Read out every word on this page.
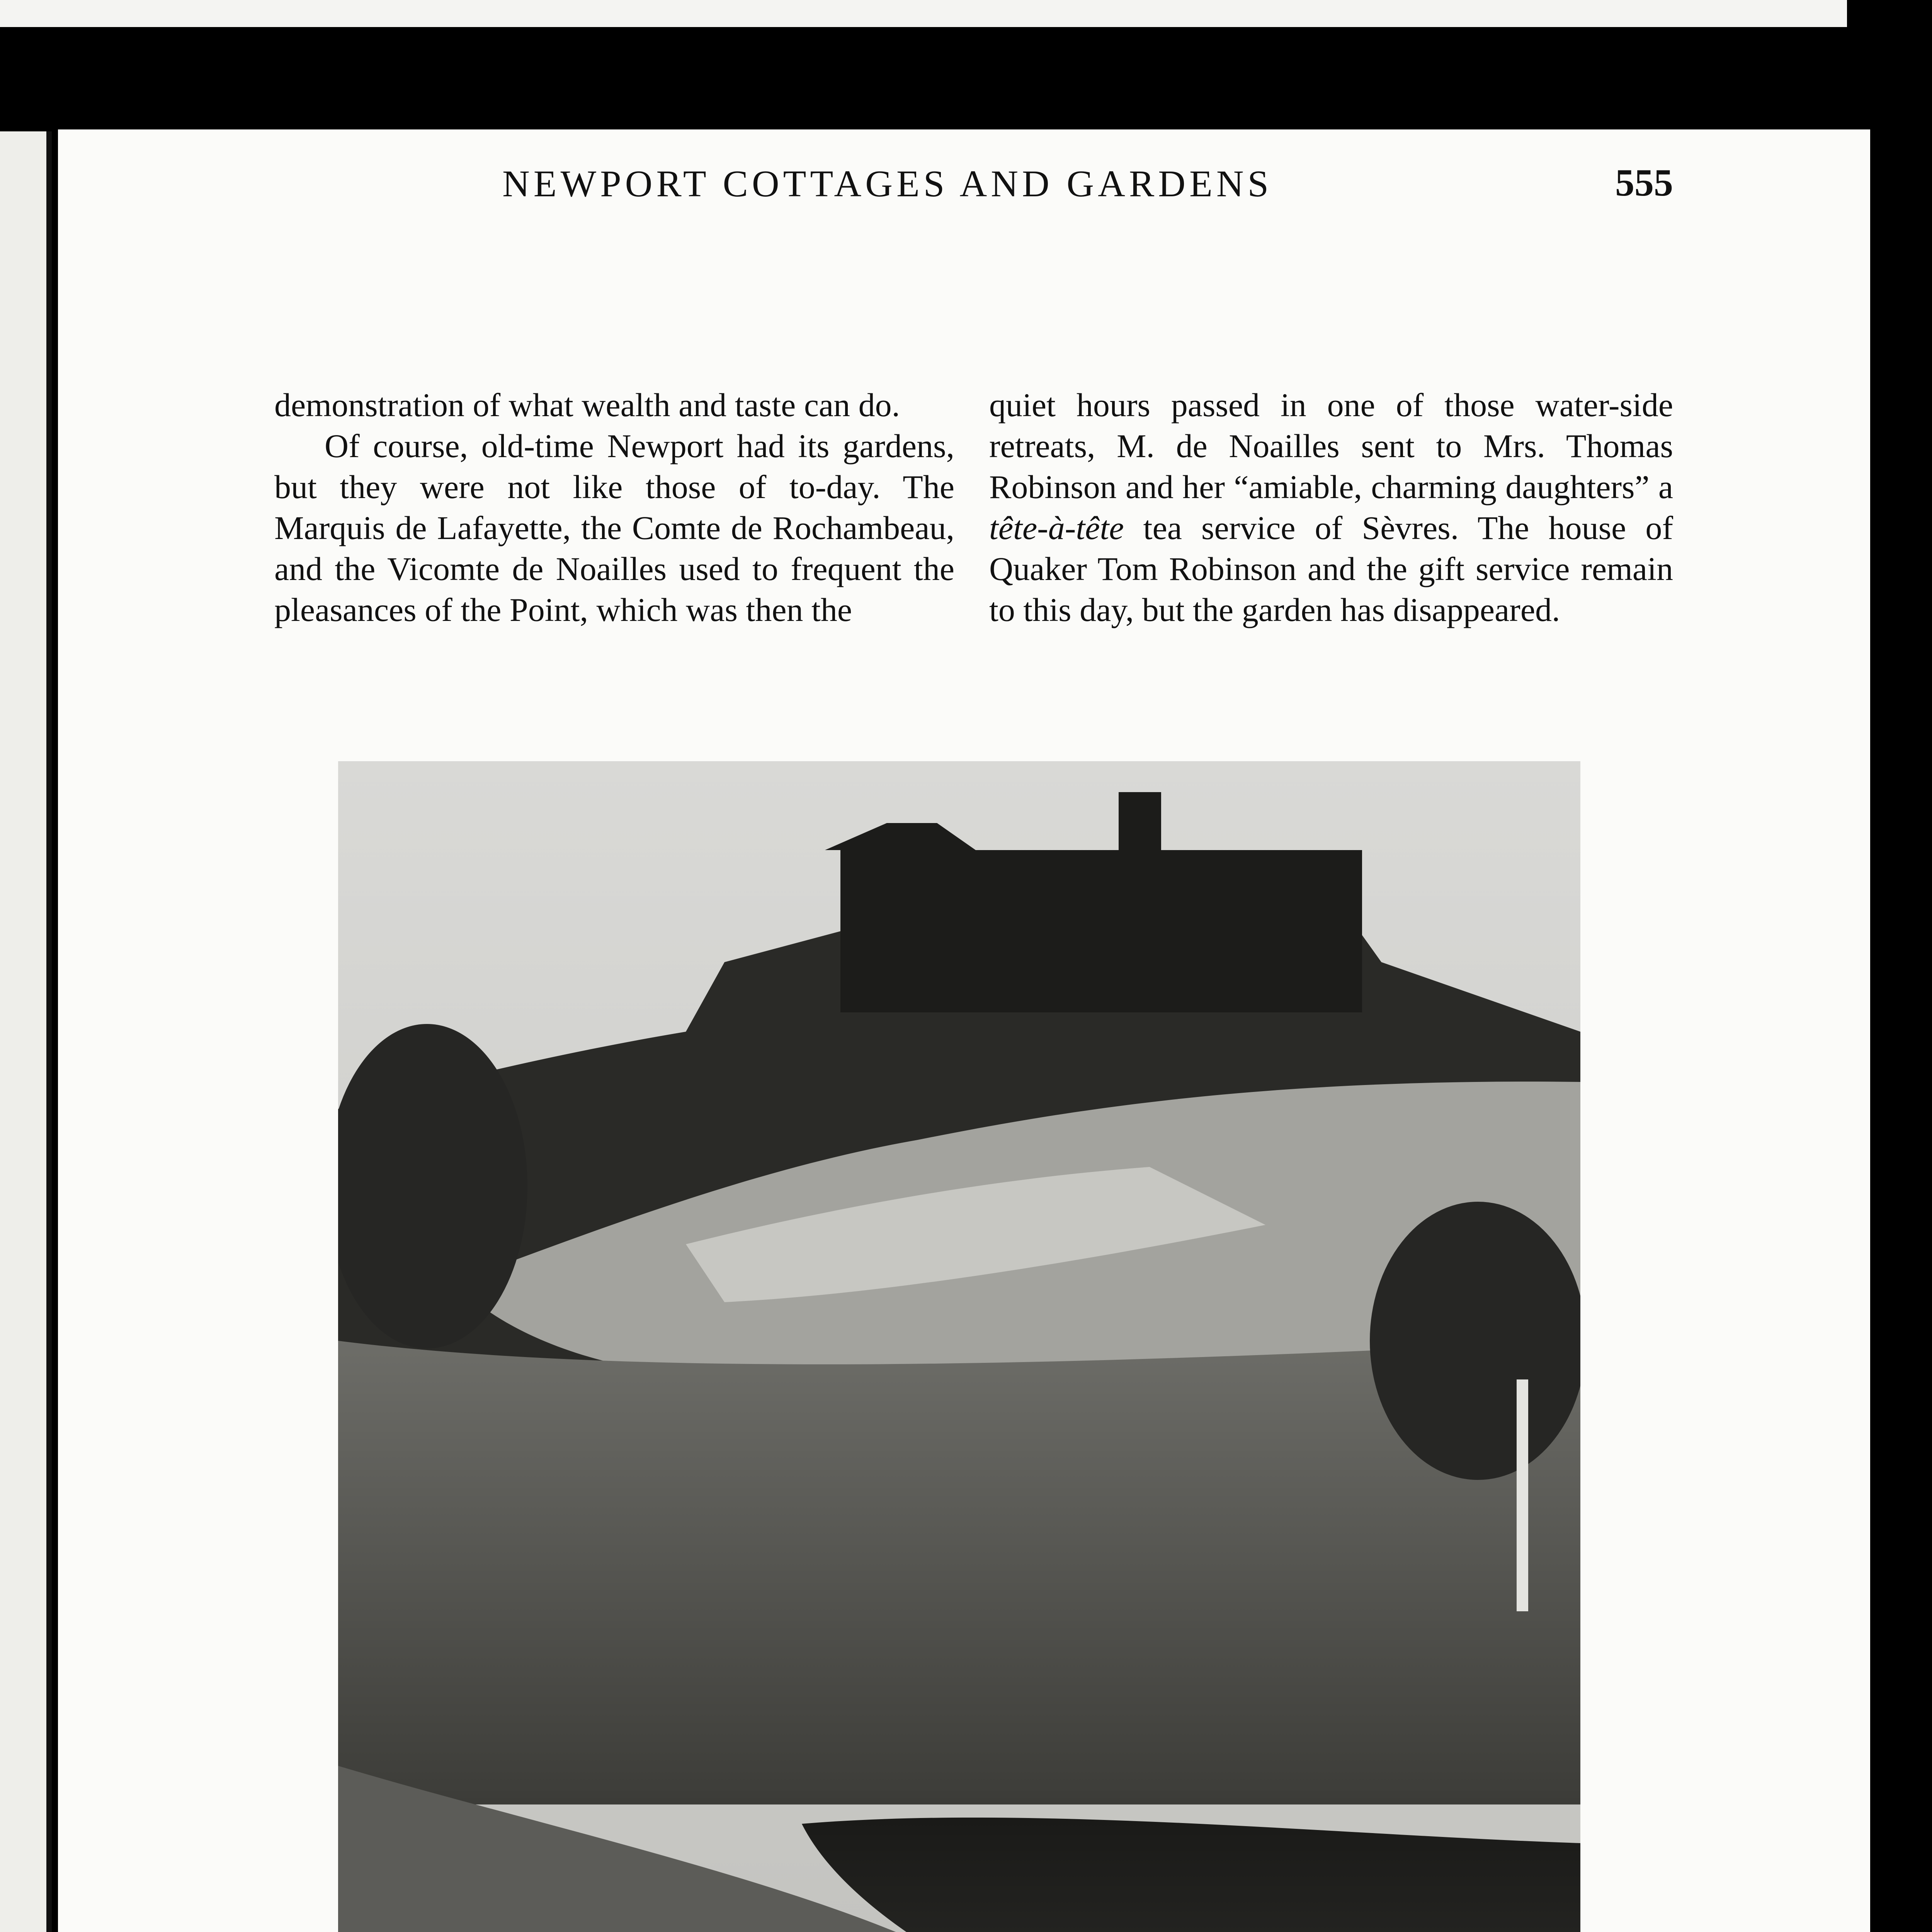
NEWPORT COTTAGES AND GARDENS	555

demonstration of what wealth and taste can do.

Of course, old-time Newport had its gardens, but they were not like those of to-day. The Marquis de Lafayette, the Comte de Rochambeau, and the Vicomte de Noailles used to frequent the pleasances of the Point, which was then the

quiet hours passed in one of those water-side retreats, M. de Noailles sent to Mrs. Thomas Robinson and her “amiable, charming daughters” a tête-à-tête tea service of Sèvres. The house of Quaker Tom Robinson and the gift service remain to this day, but the garden has disappeared.
